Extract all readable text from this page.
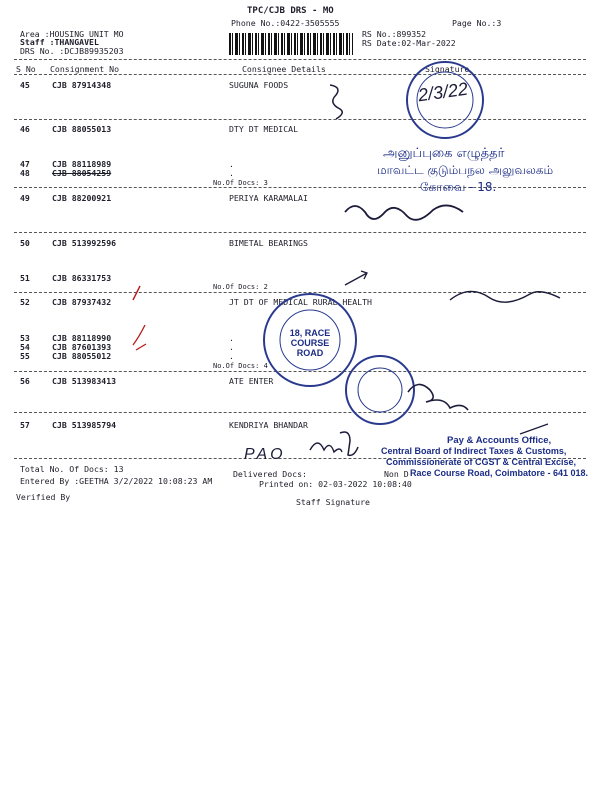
TPC/CJB DRS - MO
Phone No.:0422-3505555	Page No.:3
Area :HOUSING UNIT MO
Staff :THANGAVEL
DRS No. :DCJB89935203
RS No.:899352
RS Date:02-Mar-2022
S No Consignment No	Consignee Details	Signature
45	CJB 87914348	SUGUNA FOODS
46	CJB 88055013	DTY DT MEDICAL
47	CJB 88118989	.
48	CJB 88054259	.
No.Of Docs: 3
49	CJB 88200921	PERIYA KARAMALAI
50	CJB 513992596	BIMETAL BEARINGS
51	CJB 86331753
No.Of Docs: 2
52	CJB 87937432	JT DT OF MEDICAL RURAL HEALTH
53	CJB 88118990	.
54	CJB 87601393	.
55	CJB 88055012	.
No.Of Docs: 4
56	CJB 513983413	ATE ENTER
57	CJB 513985794	KENDRIYA BHANDAR
Total No. Of Docs: 13	Delivered Docs:	Non D
Entered By :GEETHA 3/2/2022 10:08:23 AM	Printed on: 02-03-2022 10:08:40
Verified By	Staff Signature
2/3/22
PAO
18, RACE COURSE ROAD
அனுப்புகை எழுத்தர்
மாவட்ட குடும்பநல அலுவலகம்
கோவை - 18.
Pay & Accounts Office,
Central Board of Indirect Taxes & Customs,
Commissionerate of CGST & Central Excise,
Race Course Road, Coimbatore - 641 018.
